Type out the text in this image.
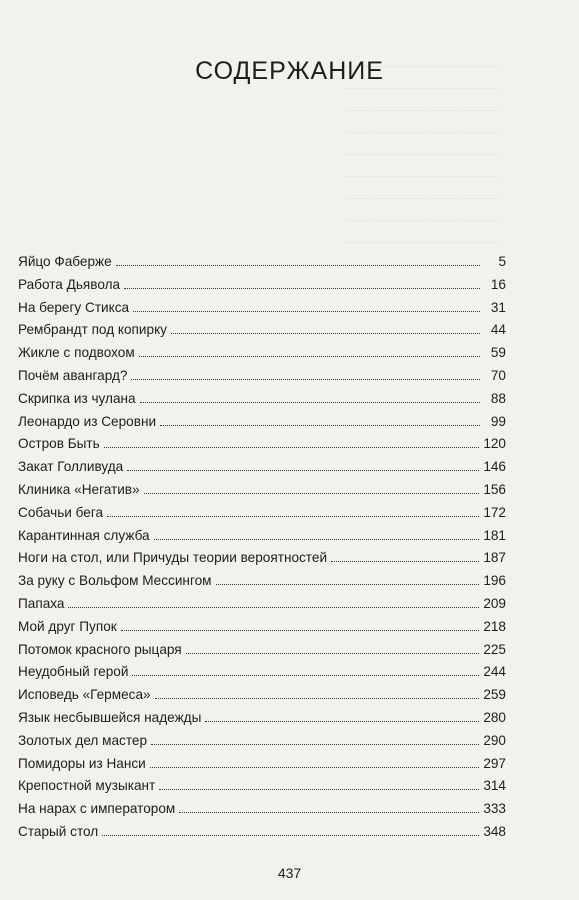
——————————————
——————————————
——————————————
——————————————
——————————————
——————————————
——————————————
——————————————
——————————————
СОДЕРЖАНИЕ
Яйцо Фаберже	5
Работа Дьявола	16
На берегу Стикса	31
Рембрандт под копирку	44
Жикле с подвохом	59
Почём авангард?	70
Скрипка из чулана	88
Леонардо из Серовни	99
Остров Быть	120
Закат Голливуда	146
Клиника «Негатив»	156
Собачьи бега	172
Карантинная служба	181
Ноги на стол, или Причуды теории вероятностей	187
За руку с Вольфом Мессингом	196
Папаха	209
Мой друг Пупок	218
Потомок красного рыцаря	225
Неудобный герой	244
Исповедь «Гермеса»	259
Язык несбывшейся надежды	280
Золотых дел мастер	290
Помидоры из Нанси	297
Крепостной музыкант	314
На нарах с императором	333
Старый стол	348
437
